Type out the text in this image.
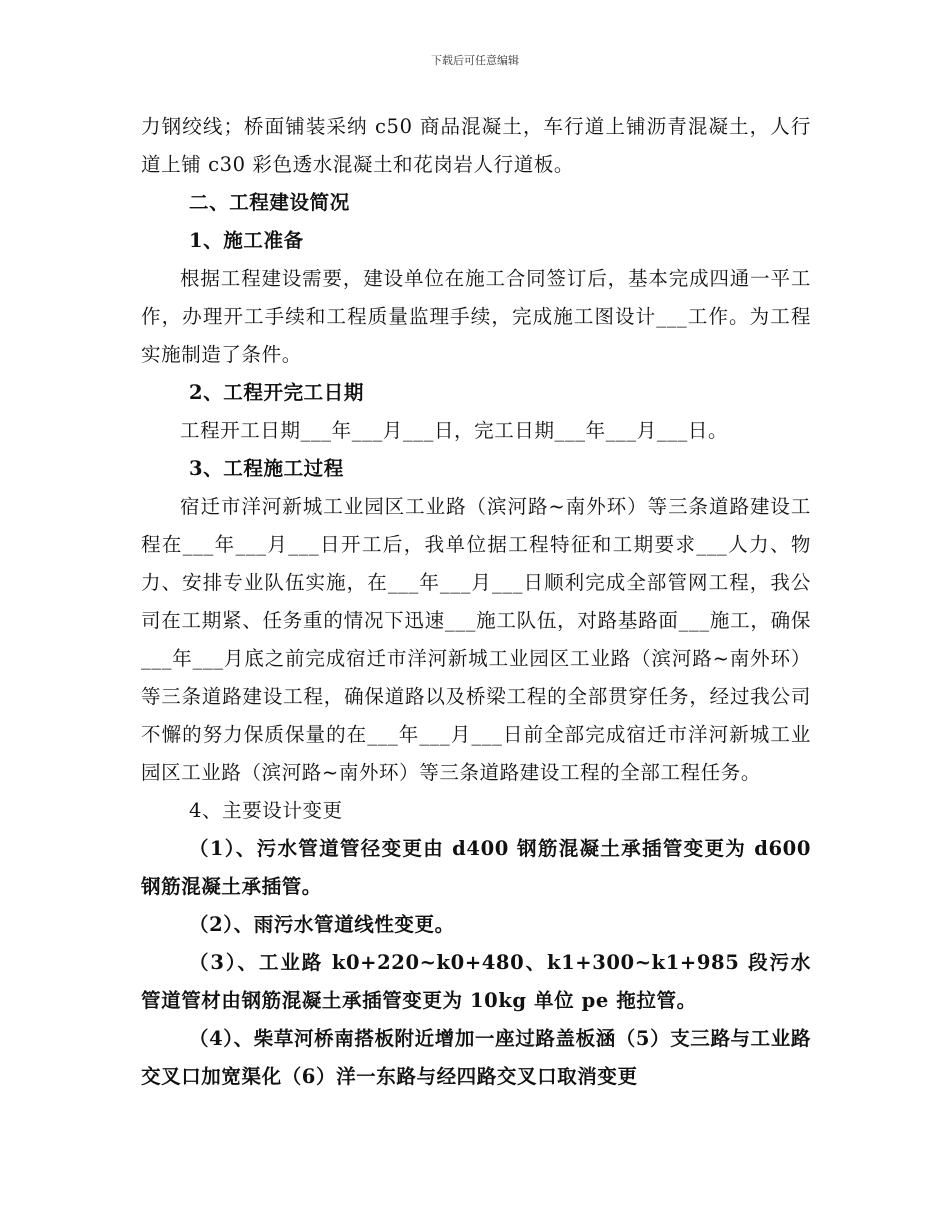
下载后可任意编辑

力钢绞线；桥面铺装采纳 c50 商品混凝土，车行道上铺沥青混凝土，人行道上铺 c30 彩色透水混凝土和花岗岩人行道板。

二、工程建设简况

1、施工准备

根据工程建设需要，建设单位在施工合同签订后，基本完成四通一平工作，办理开工手续和工程质量监理手续，完成施工图设计___工作。为工程实施制造了条件。

2、工程开完工日期

工程开工日期___年___月___日，完工日期___年___月___日。

3、工程施工过程

宿迁市洋河新城工业园区工业路（滨河路~南外环）等三条道路建设工程在___年___月___日开工后，我单位据工程特征和工期要求___人力、物力、安排专业队伍实施，在___年___月___日顺利完成全部管网工程，我公司在工期紧、任务重的情况下迅速___施工队伍，对路基路面___施工，确保___年___月底之前完成宿迁市洋河新城工业园区工业路（滨河路~南外环）等三条道路建设工程，确保道路以及桥梁工程的全部贯穿任务，经过我公司不懈的努力保质保量的在___年___月___日前全部完成宿迁市洋河新城工业园区工业路（滨河路~南外环）等三条道路建设工程的全部工程任务。

4、主要设计变更

（1）、污水管道管径变更由 d400 钢筋混凝土承插管变更为 d600 钢筋混凝土承插管。

（2）、雨污水管道线性变更。

（3）、工业路 k0+220~k0+480、k1+300~k1+985 段污水管道管材由钢筋混凝土承插管变更为 10kg 单位 pe 拖拉管。

（4）、柴草河桥南搭板附近增加一座过路盖板涵（5）支三路与工业路交叉口加宽渠化（6）洋一东路与经四路交叉口取消变更
